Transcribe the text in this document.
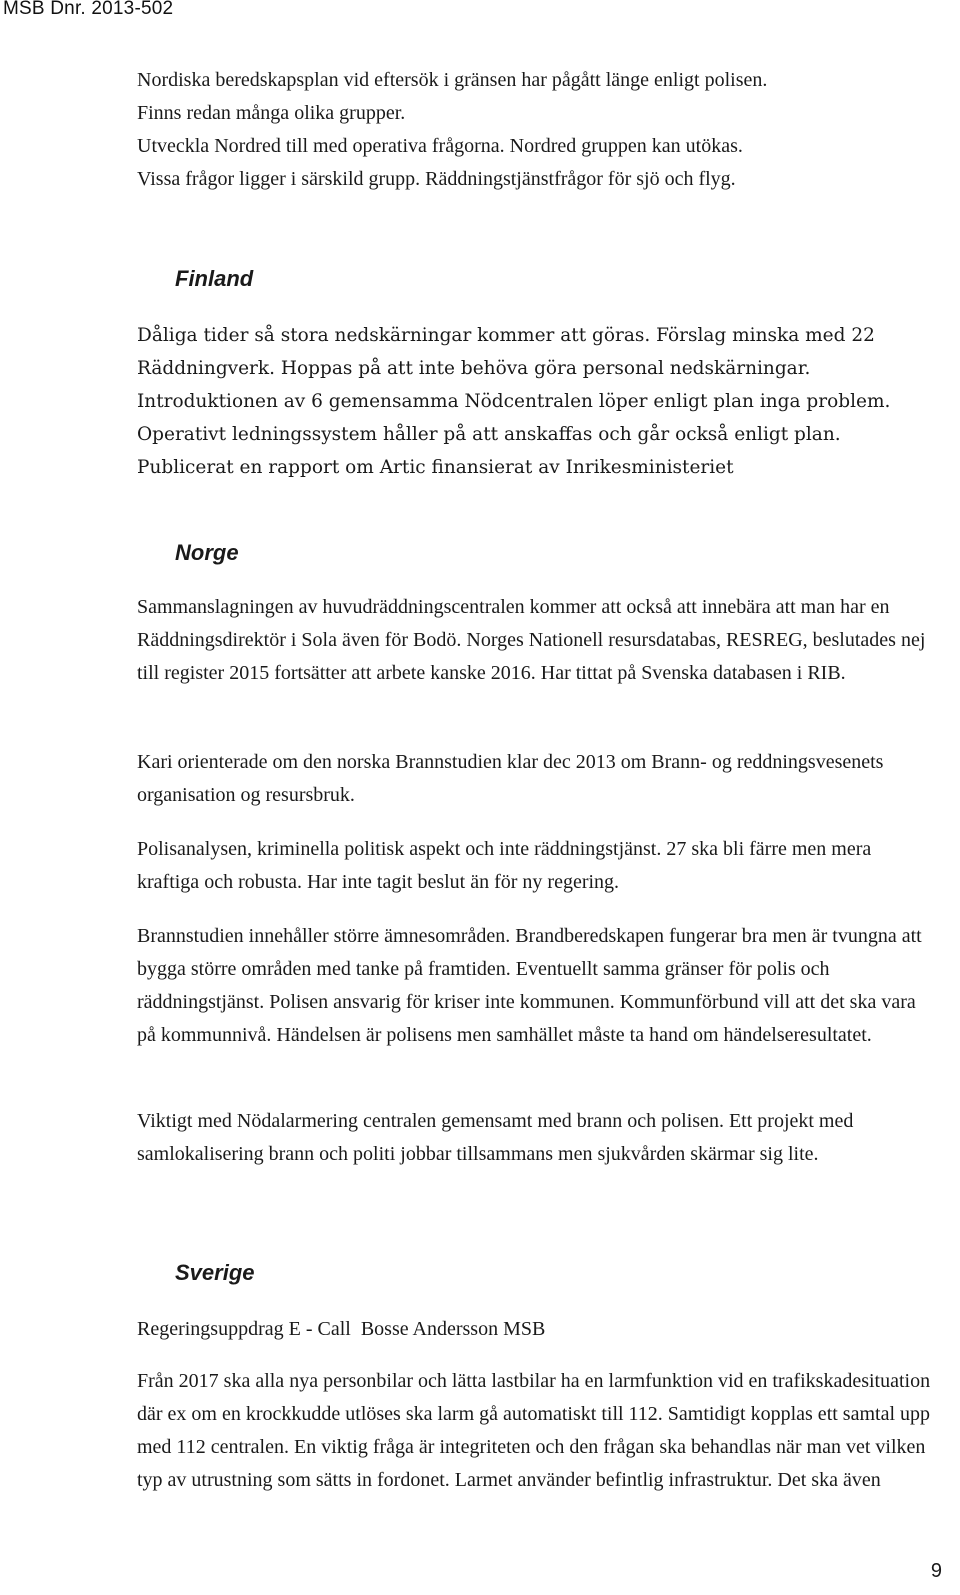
MSB Dnr. 2013-502
Nordiska beredskapsplan vid eftersök i gränsen har pågått länge enligt polisen.
Finns redan många olika grupper.
Utveckla Nordred till med operativa frågorna. Nordred gruppen kan utökas.
Vissa frågor ligger i särskild grupp. Räddningstjänstfrågor för sjö och flyg.
Finland
Dåliga tider så stora nedskärningar kommer att göras. Förslag minska med 22
Räddningverk. Hoppas på att inte behöva göra personal nedskärningar.
Introduktionen av 6 gemensamma Nödcentralen löper enligt plan inga problem.
Operativt ledningssystem håller på att anskaffas och går också enligt plan.
Publicerat en rapport om Artic finansierat av Inrikesministeriet
Norge
Sammanslagningen av huvudräddningscentralen kommer att också att innebära att man har en Räddningsdirektör i Sola även för Bodö. Norges Nationell resursdatabas, RESREG, beslutades nej till register 2015 fortsätter att arbete kanske 2016. Har tittat på Svenska databasen i RIB.
Kari orienterade om den norska Brannstudien klar dec 2013 om Brann- og reddningsvesenets organisation og resursbruk.
Polisanalysen, kriminella politisk aspekt och inte räddningstjänst. 27 ska bli färre men mera kraftiga och robusta. Har inte tagit beslut än för ny regering.
Brannstudien innehåller större ämnesområden. Brandberedskapen fungerar bra men är tvungna att bygga större områden med tanke på framtiden. Eventuellt samma gränser för polis och räddningstjänst. Polisen ansvarig för kriser inte kommunen. Kommunförbund vill att det ska vara på kommunnivå. Händelsen är polisens men samhället måste ta hand om händelseresultatet.
Viktigt med Nödalarmering centralen gemensamt med brann och polisen. Ett projekt med samlokalisering brann och politi jobbar tillsammans men sjukvården skärmar sig lite.
Sverige
Regeringsuppdrag E - Call  Bosse Andersson MSB
Från 2017 ska alla nya personbilar och lätta lastbilar ha en larmfunktion vid en trafikskadesituation där ex om en krockkudde utlöses ska larm gå automatiskt till 112. Samtidigt kopplas ett samtal upp med 112 centralen. En viktig fråga är integriteten och den frågan ska behandlas när man vet vilken typ av utrustning som sätts in fordonet. Larmet använder befintlig infrastruktur. Det ska även
9
